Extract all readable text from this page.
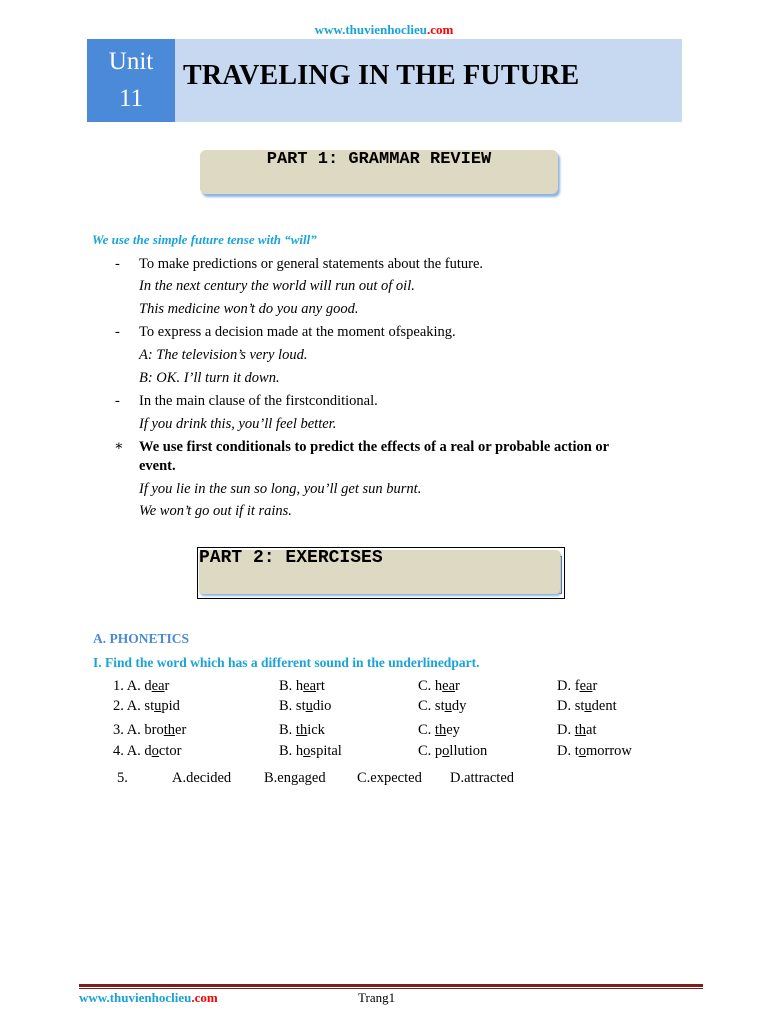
www.thuvienhoclieu.com
Unit
11
TRAVELING IN THE FUTURE
PART 1: GRAMMAR REVIEW
We use the simple future tense with “will”
- To make predictions or general statements about the future.
In the next century the world will run out of oil.
This medicine won’t do you any good.
- To express a decision made at the moment ofspeaking.
A: The television’s very loud.
B: OK. I’ll turn it down.
- In the main clause of the firstconditional.
If you drink this, you’ll feel better.
∗ We use first conditionals to predict the effects of a real or probable action or
event.
If you lie in the sun so long, you’ll get sun burnt.
We won’t go out if it rains.
PART 2: EXERCISES
A. PHONETICS
I. Find the word which has a different sound in the underlinedpart.
1. A. dear	B. heart	C. hear	D. fear
2. A. stupid	B. studio	C. study	D. student
3. A. brother	B. thick	C. they	D. that
4. A. doctor	B. hospital	C. pollution	D. tomorrow
5.	A.decided B.engaged C.expected D.attracted
www.thuvienhoclieu.com	Trang1
